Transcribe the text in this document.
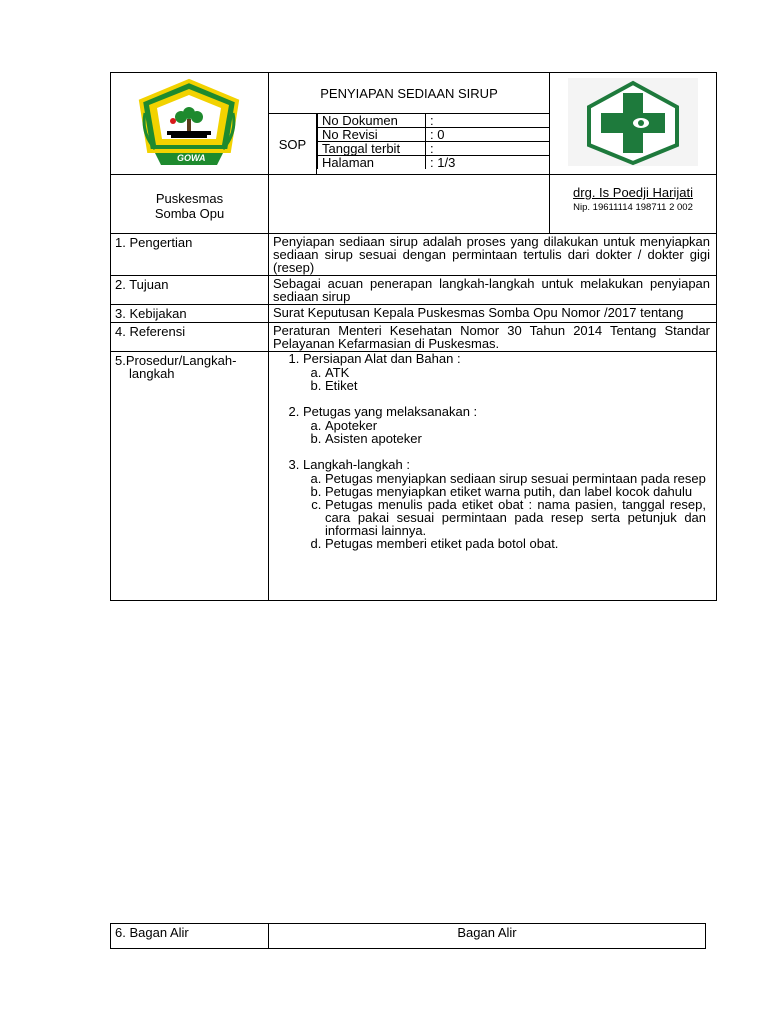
GOWA
	PENYIAPAN SEDIAAN SIRUP	
SOP	
No Dokumen	:
No Revisi	: 0
Tanggal terbit	:
Halaman	: 1/3

Puskesmas
Somba Opu

drg. Is Poedji Harijati
Nip. 19611114 198711 2 002

1. Pengertian	Penyiapan sediaan sirup adalah proses yang dilakukan untuk menyiapkan sediaan sirup sesuai dengan permintaan tertulis dari dokter / dokter gigi (resep)
2. Tujuan	Sebagai acuan penerapan langkah-langkah untuk melakukan penyiapan sediaan sirup
3. Kebijakan	Surat Keputusan Kepala Puskesmas Somba Opu Nomor /2017 tentang
4. Referensi	Peraturan Menteri Kesehatan Nomor 30 Tahun 2014 Tentang Standar Pelayanan Kefarmasian di Puskesmas.

5.Prosedur/Langkah-
langkah

1. Persiapan Alat dan Bahan :
a. ATK
b. Etiket
2. Petugas yang melaksanakan :
a. Apoteker
b. Asisten apoteker
3. Langkah-langkah :
a. Petugas menyiapkan sediaan sirup sesuai permintaan pada resep
b. Petugas menyiapkan etiket warna putih, dan label kocok dahulu
c. Petugas menulis pada etiket obat : nama pasien, tanggal resep, cara pakai sesuai permintaan pada resep serta petunjuk dan informasi lainnya.
d. Petugas memberi etiket pada botol obat.
6. Bagan Alir	Bagan Alir
